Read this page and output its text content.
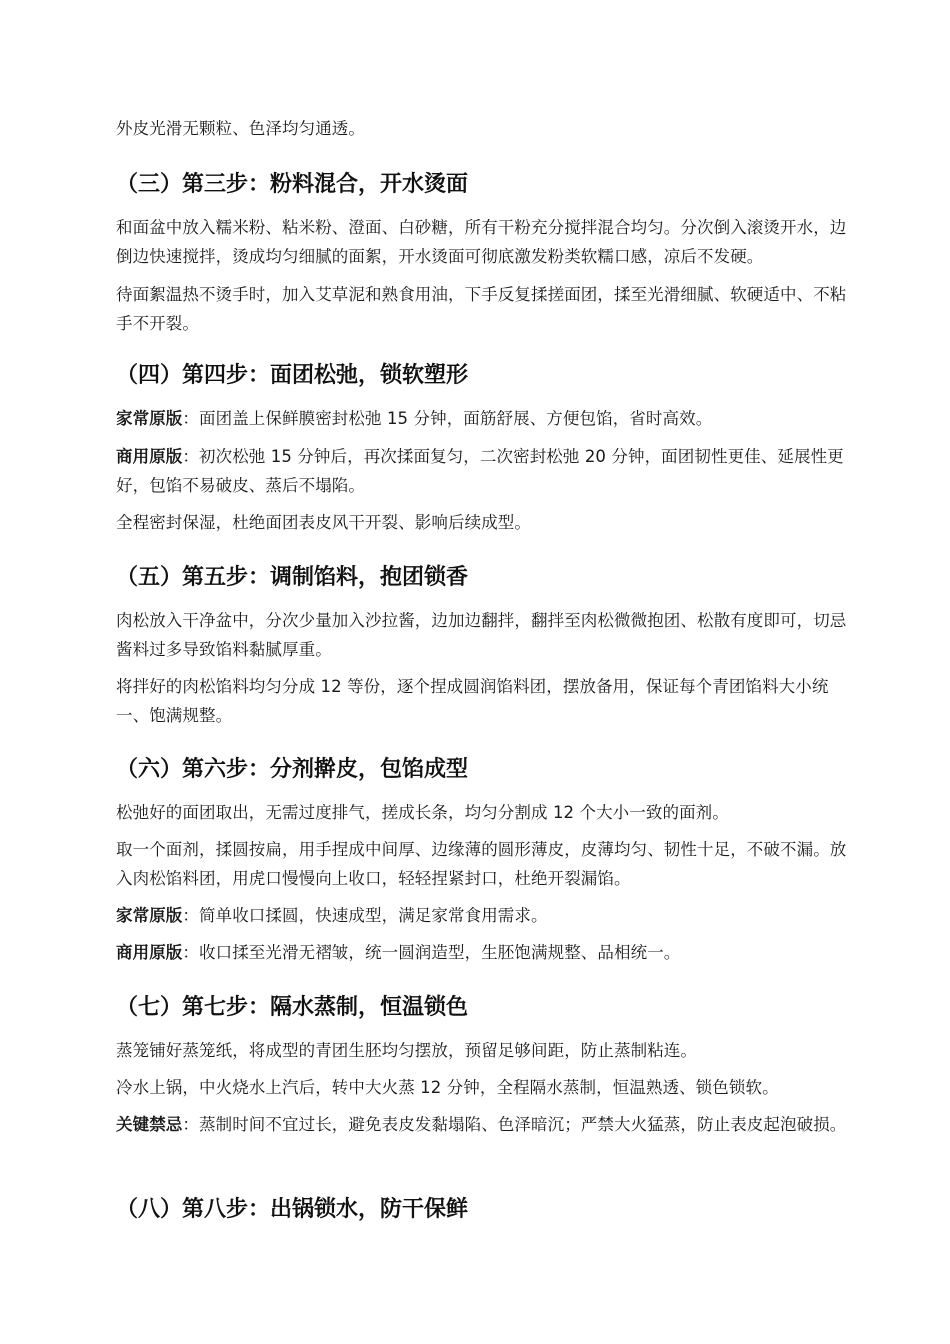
外皮光滑无颗粒、色泽均匀通透。

（三）第三步：粉料混合，开水烫面

和面盆中放入糯米粉、粘米粉、澄面、白砂糖，所有干粉充分搅拌混合均匀。分次倒入滚烫开水，边倒边快速搅拌，烫成均匀细腻的面絮，开水烫面可彻底激发粉类软糯口感，凉后不发硬。

待面絮温热不烫手时，加入艾草泥和熟食用油，下手反复揉搓面团，揉至光滑细腻、软硬适中、不粘手不开裂。

（四）第四步：面团松弛，锁软塑形

家常原版：面团盖上保鲜膜密封松弛 15 分钟，面筋舒展、方便包馅，省时高效。

商用原版：初次松弛 15 分钟后，再次揉面复匀，二次密封松弛 20 分钟，面团韧性更佳、延展性更好，包馅不易破皮、蒸后不塌陷。

全程密封保湿，杜绝面团表皮风干开裂、影响后续成型。

（五）第五步：调制馅料，抱团锁香

肉松放入干净盆中，分次少量加入沙拉酱，边加边翻拌，翻拌至肉松微微抱团、松散有度即可，切忌酱料过多导致馅料黏腻厚重。

将拌好的肉松馅料均匀分成 12 等份，逐个捏成圆润馅料团，摆放备用，保证每个青团馅料大小统一、饱满规整。

（六）第六步：分剂擀皮，包馅成型

松弛好的面团取出，无需过度排气，搓成长条，均匀分割成 12 个大小一致的面剂。

取一个面剂，揉圆按扁，用手捏成中间厚、边缘薄的圆形薄皮，皮薄均匀、韧性十足，不破不漏。放入肉松馅料团，用虎口慢慢向上收口，轻轻捏紧封口，杜绝开裂漏馅。

家常原版：简单收口揉圆，快速成型，满足家常食用需求。

商用原版：收口揉至光滑无褶皱，统一圆润造型，生胚饱满规整、品相统一。

（七）第七步：隔水蒸制，恒温锁色

蒸笼铺好蒸笼纸，将成型的青团生胚均匀摆放，预留足够间距，防止蒸制粘连。

冷水上锅，中火烧水上汽后，转中大火蒸 12 分钟，全程隔水蒸制，恒温熟透、锁色锁软。

关键禁忌：蒸制时间不宜过长，避免表皮发黏塌陷、色泽暗沉；严禁大火猛蒸，防止表皮起泡破损。

（八）第八步：出锅锁水，防干保鲜
